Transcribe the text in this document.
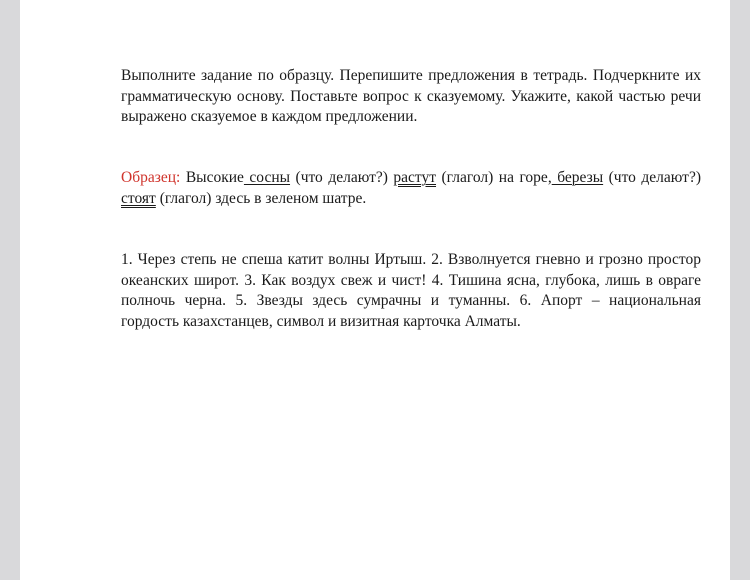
Выполните задание по образцу. Перепишите предложения в тетрадь. Подчеркните их грамматическую основу. Поставьте вопрос к сказуемому. Укажите, какой частью речи выражено сказуемое в каждом предложении.

Образец: Высокие сосны (что делают?) растут (глагол) на горе, березы (что делают?) стоят (глагол) здесь в зеленом шатре.

1. Через степь не спеша катит волны Иртыш. 2. Взволнуется гневно и грозно простор океанских широт. 3. Как воздух свеж и чист! 4. Тишина ясна, глубока, лишь в овраге полночь черна. 5. Звезды здесь сумрачны и туманны. 6. Апорт – национальная гордость казахстанцев, символ и визитная карточка Алматы.
